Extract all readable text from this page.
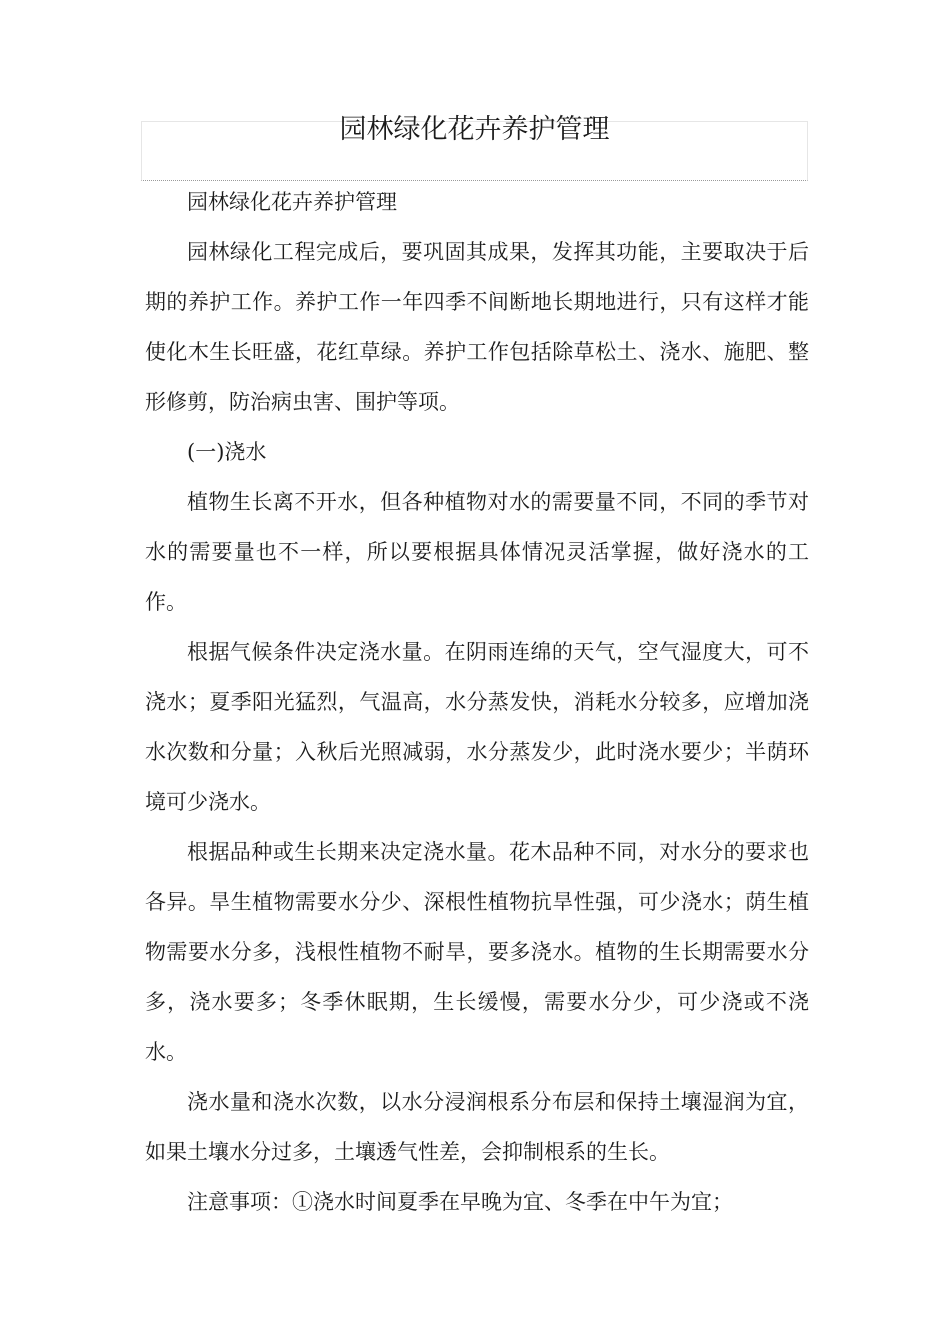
园林绿化花卉养护管理

园林绿化花卉养护管理

园林绿化工程完成后，要巩固其成果，发挥其功能，主要取决于后期的养护工作。养护工作一年四季不间断地长期地进行，只有这样才能使化木生长旺盛，花红草绿。养护工作包括除草松土、浇水、施肥、整形修剪，防治病虫害、围护等项。

(一)浇水

植物生长离不开水，但各种植物对水的需要量不同，不同的季节对水的需要量也不一样，所以要根据具体情况灵活掌握，做好浇水的工作。

根据气候条件决定浇水量。在阴雨连绵的天气，空气湿度大，可不浇水；夏季阳光猛烈，气温高，水分蒸发快，消耗水分较多，应增加浇水次数和分量；入秋后光照减弱，水分蒸发少，此时浇水要少；半荫环境可少浇水。

根据品种或生长期来决定浇水量。花木品种不同，对水分的要求也各异。旱生植物需要水分少、深根性植物抗旱性强，可少浇水；荫生植物需要水分多，浅根性植物不耐旱，要多浇水。植物的生长期需要水分多，浇水要多；冬季休眠期，生长缓慢，需要水分少，可少浇或不浇水。

浇水量和浇水次数，以水分浸润根系分布层和保持土壤湿润为宜，如果土壤水分过多，土壤透气性差，会抑制根系的生长。

注意事项：①浇水时间夏季在早晚为宜、冬季在中午为宜；
